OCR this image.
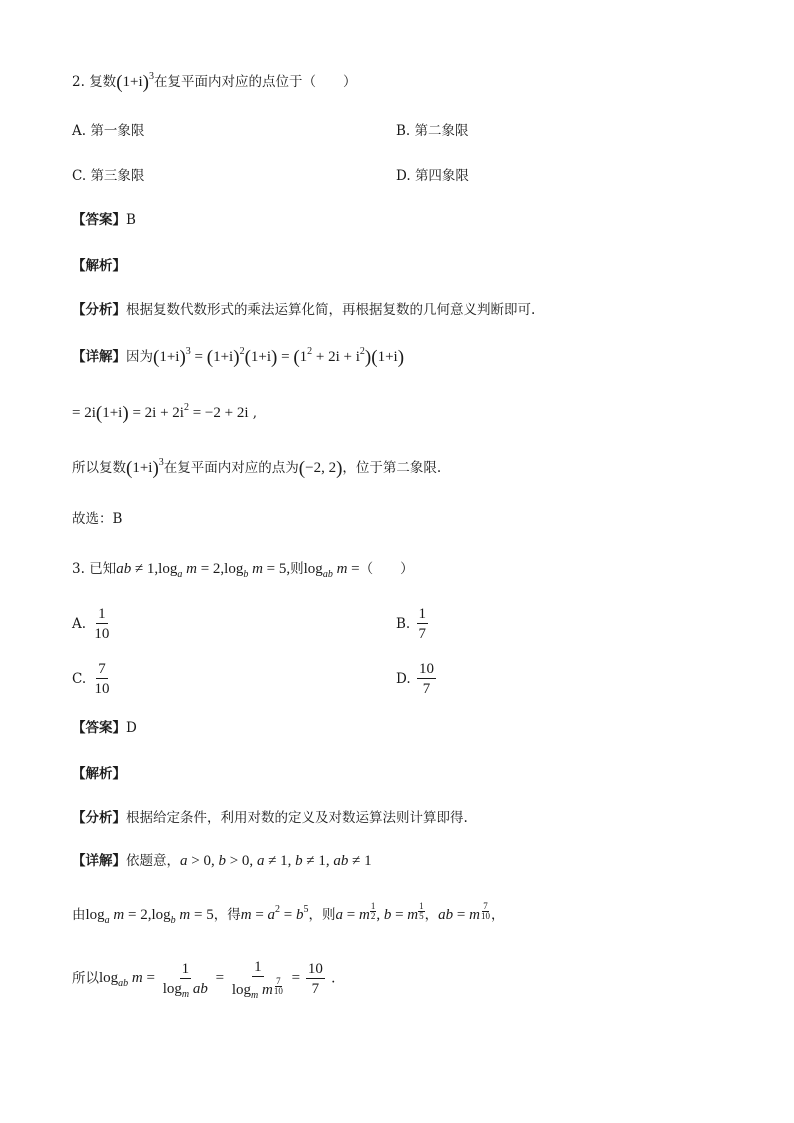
2. 复数$(1+i)^3$在复平面内对应的点位于（　　）
A. 第一象限	B. 第二象限
C. 第三象限	D. 第四象限
【答案】B
【解析】
【分析】根据复数代数形式的乘法运算化简，再根据复数的几何意义判断即可.
【详解】因为$(1+i)^3 = (1+i)^2(1+i) = (1^2 + 2i + i^2)(1+i)$
= $2i(1+i) = 2i + 2i^2 = -2 + 2i$ ,
所以复数$(1+i)^3$在复平面内对应的点为(−2, 2)，位于第二象限.
故选：B
3. 已知ab ≠ $1,\log_a$ $m = 2,\log_b$ m = 5,则$\log_{ab} m$ =（　　）
A. $\frac{1}{10}$	B. $\frac{1}{7}$
C. $\frac{7}{10}$	D. $\frac{10}{7}$
【答案】D
【解析】
【分析】根据给定条件，利用对数的定义及对数运算法则计算即得.
【详解】依题意，a > 0, b > 0, a ≠ 1, b ≠ 1, ab ≠ 1
由$\log_a m = 2,\log_b$ m = 5，得$m = a^2 = b^5$，则a = m $\frac{1}{2}$ , b = m $\frac{1}{5}$ ，ab = m $\frac{7}{10}$ ，
所以$\log_{ab} m = \frac{1}{\log_m ab} = \frac{1}{\log_m m \frac{7}{10}} = \frac{10}{7}$ .
